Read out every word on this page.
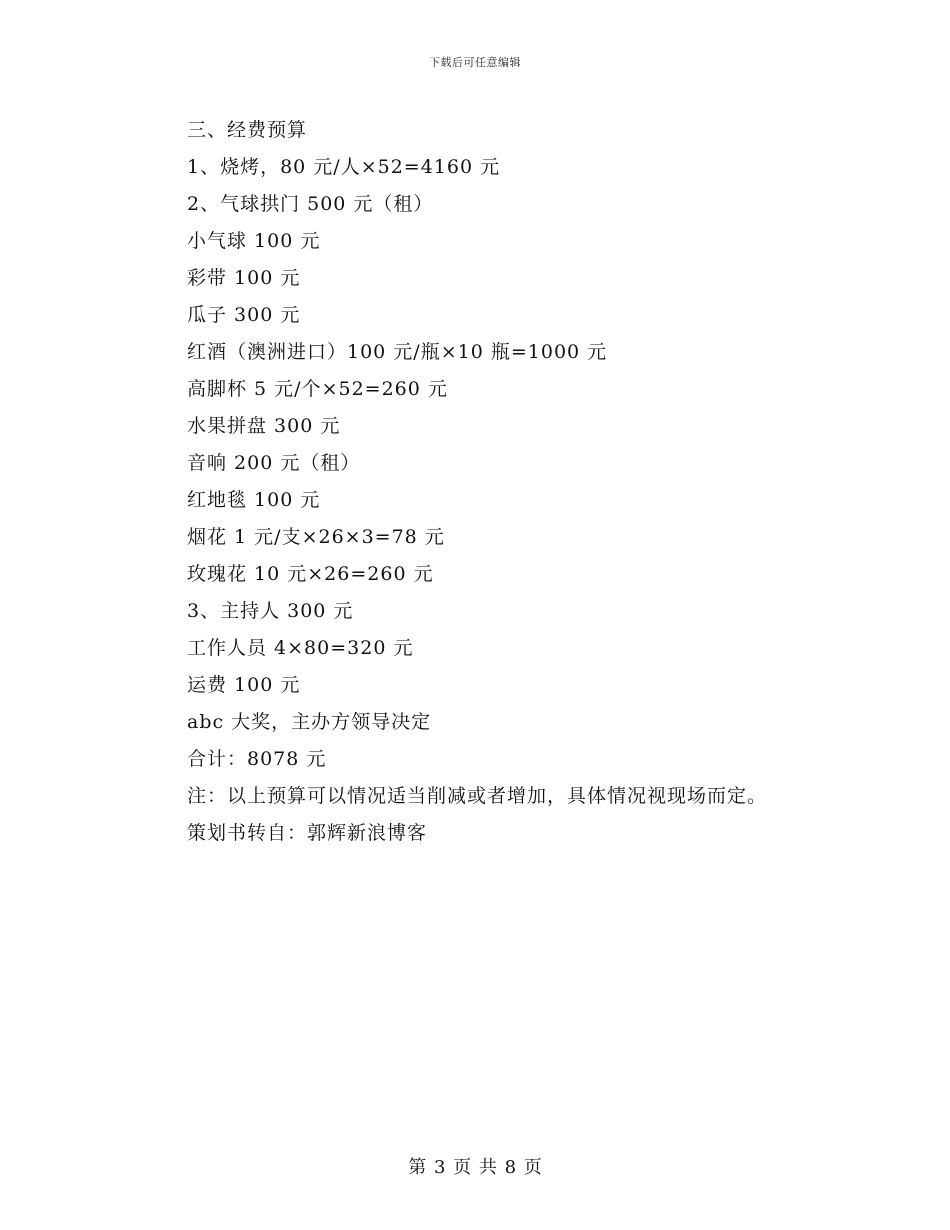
下载后可任意编辑
三、经费预算
1、烧烤，80 元/人×52=4160 元
2、气球拱门 500 元（租）
小气球 100 元
彩带 100 元
瓜子 300 元
红酒（澳洲进口）100 元/瓶×10 瓶=1000 元
高脚杯 5 元/个×52=260 元
水果拼盘 300 元
音响 200 元（租）
红地毯 100 元
烟花 1 元/支×26×3=78 元
玫瑰花 10 元×26=260 元
3、主持人 300 元
工作人员 4×80=320 元
运费 100 元
abc 大奖，主办方领导决定
合计：8078 元
注：以上预算可以情况适当削减或者增加，具体情况视现场而定。
策划书转自：郭辉新浪博客
第 3 页 共 8 页
